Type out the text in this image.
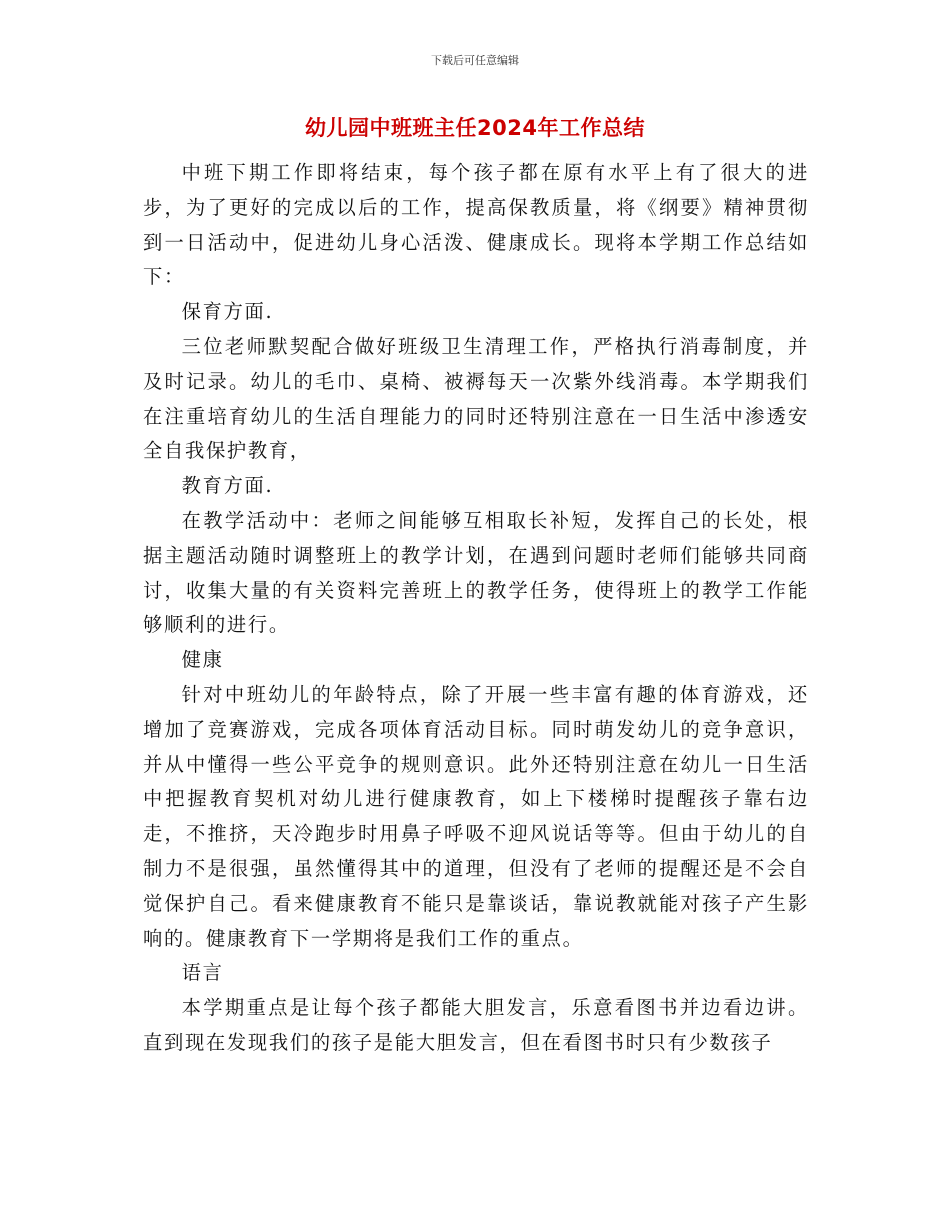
下载后可任意编辑
幼儿园中班班主任2024年工作总结

中班下期工作即将结束，每个孩子都在原有水平上有了很大的进步，为了更好的完成以后的工作，提高保教质量，将《纲要》精神贯彻到一日活动中，促进幼儿身心活泼、健康成长。现将本学期工作总结如下：

保育方面.

三位老师默契配合做好班级卫生清理工作，严格执行消毒制度，并及时记录。幼儿的毛巾、桌椅、被褥每天一次紫外线消毒。本学期我们在注重培育幼儿的生活自理能力的同时还特别注意在一日生活中渗透安全自我保护教育，

教育方面.

在教学活动中：老师之间能够互相取长补短，发挥自己的长处，根据主题活动随时调整班上的教学计划，在遇到问题时老师们能够共同商讨，收集大量的有关资料完善班上的教学任务，使得班上的教学工作能够顺利的进行。

健康

针对中班幼儿的年龄特点，除了开展一些丰富有趣的体育游戏，还增加了竞赛游戏，完成各项体育活动目标。同时萌发幼儿的竞争意识，并从中懂得一些公平竞争的规则意识。此外还特别注意在幼儿一日生活中把握教育契机对幼儿进行健康教育，如上下楼梯时提醒孩子靠右边走，不推挤，天冷跑步时用鼻子呼吸不迎风说话等等。但由于幼儿的自制力不是很强，虽然懂得其中的道理，但没有了老师的提醒还是不会自觉保护自己。看来健康教育不能只是靠谈话，靠说教就能对孩子产生影响的。健康教育下一学期将是我们工作的重点。

语言

本学期重点是让每个孩子都能大胆发言，乐意看图书并边看边讲。直到现在发现我们的孩子是能大胆发言，但在看图书时只有少数孩子
